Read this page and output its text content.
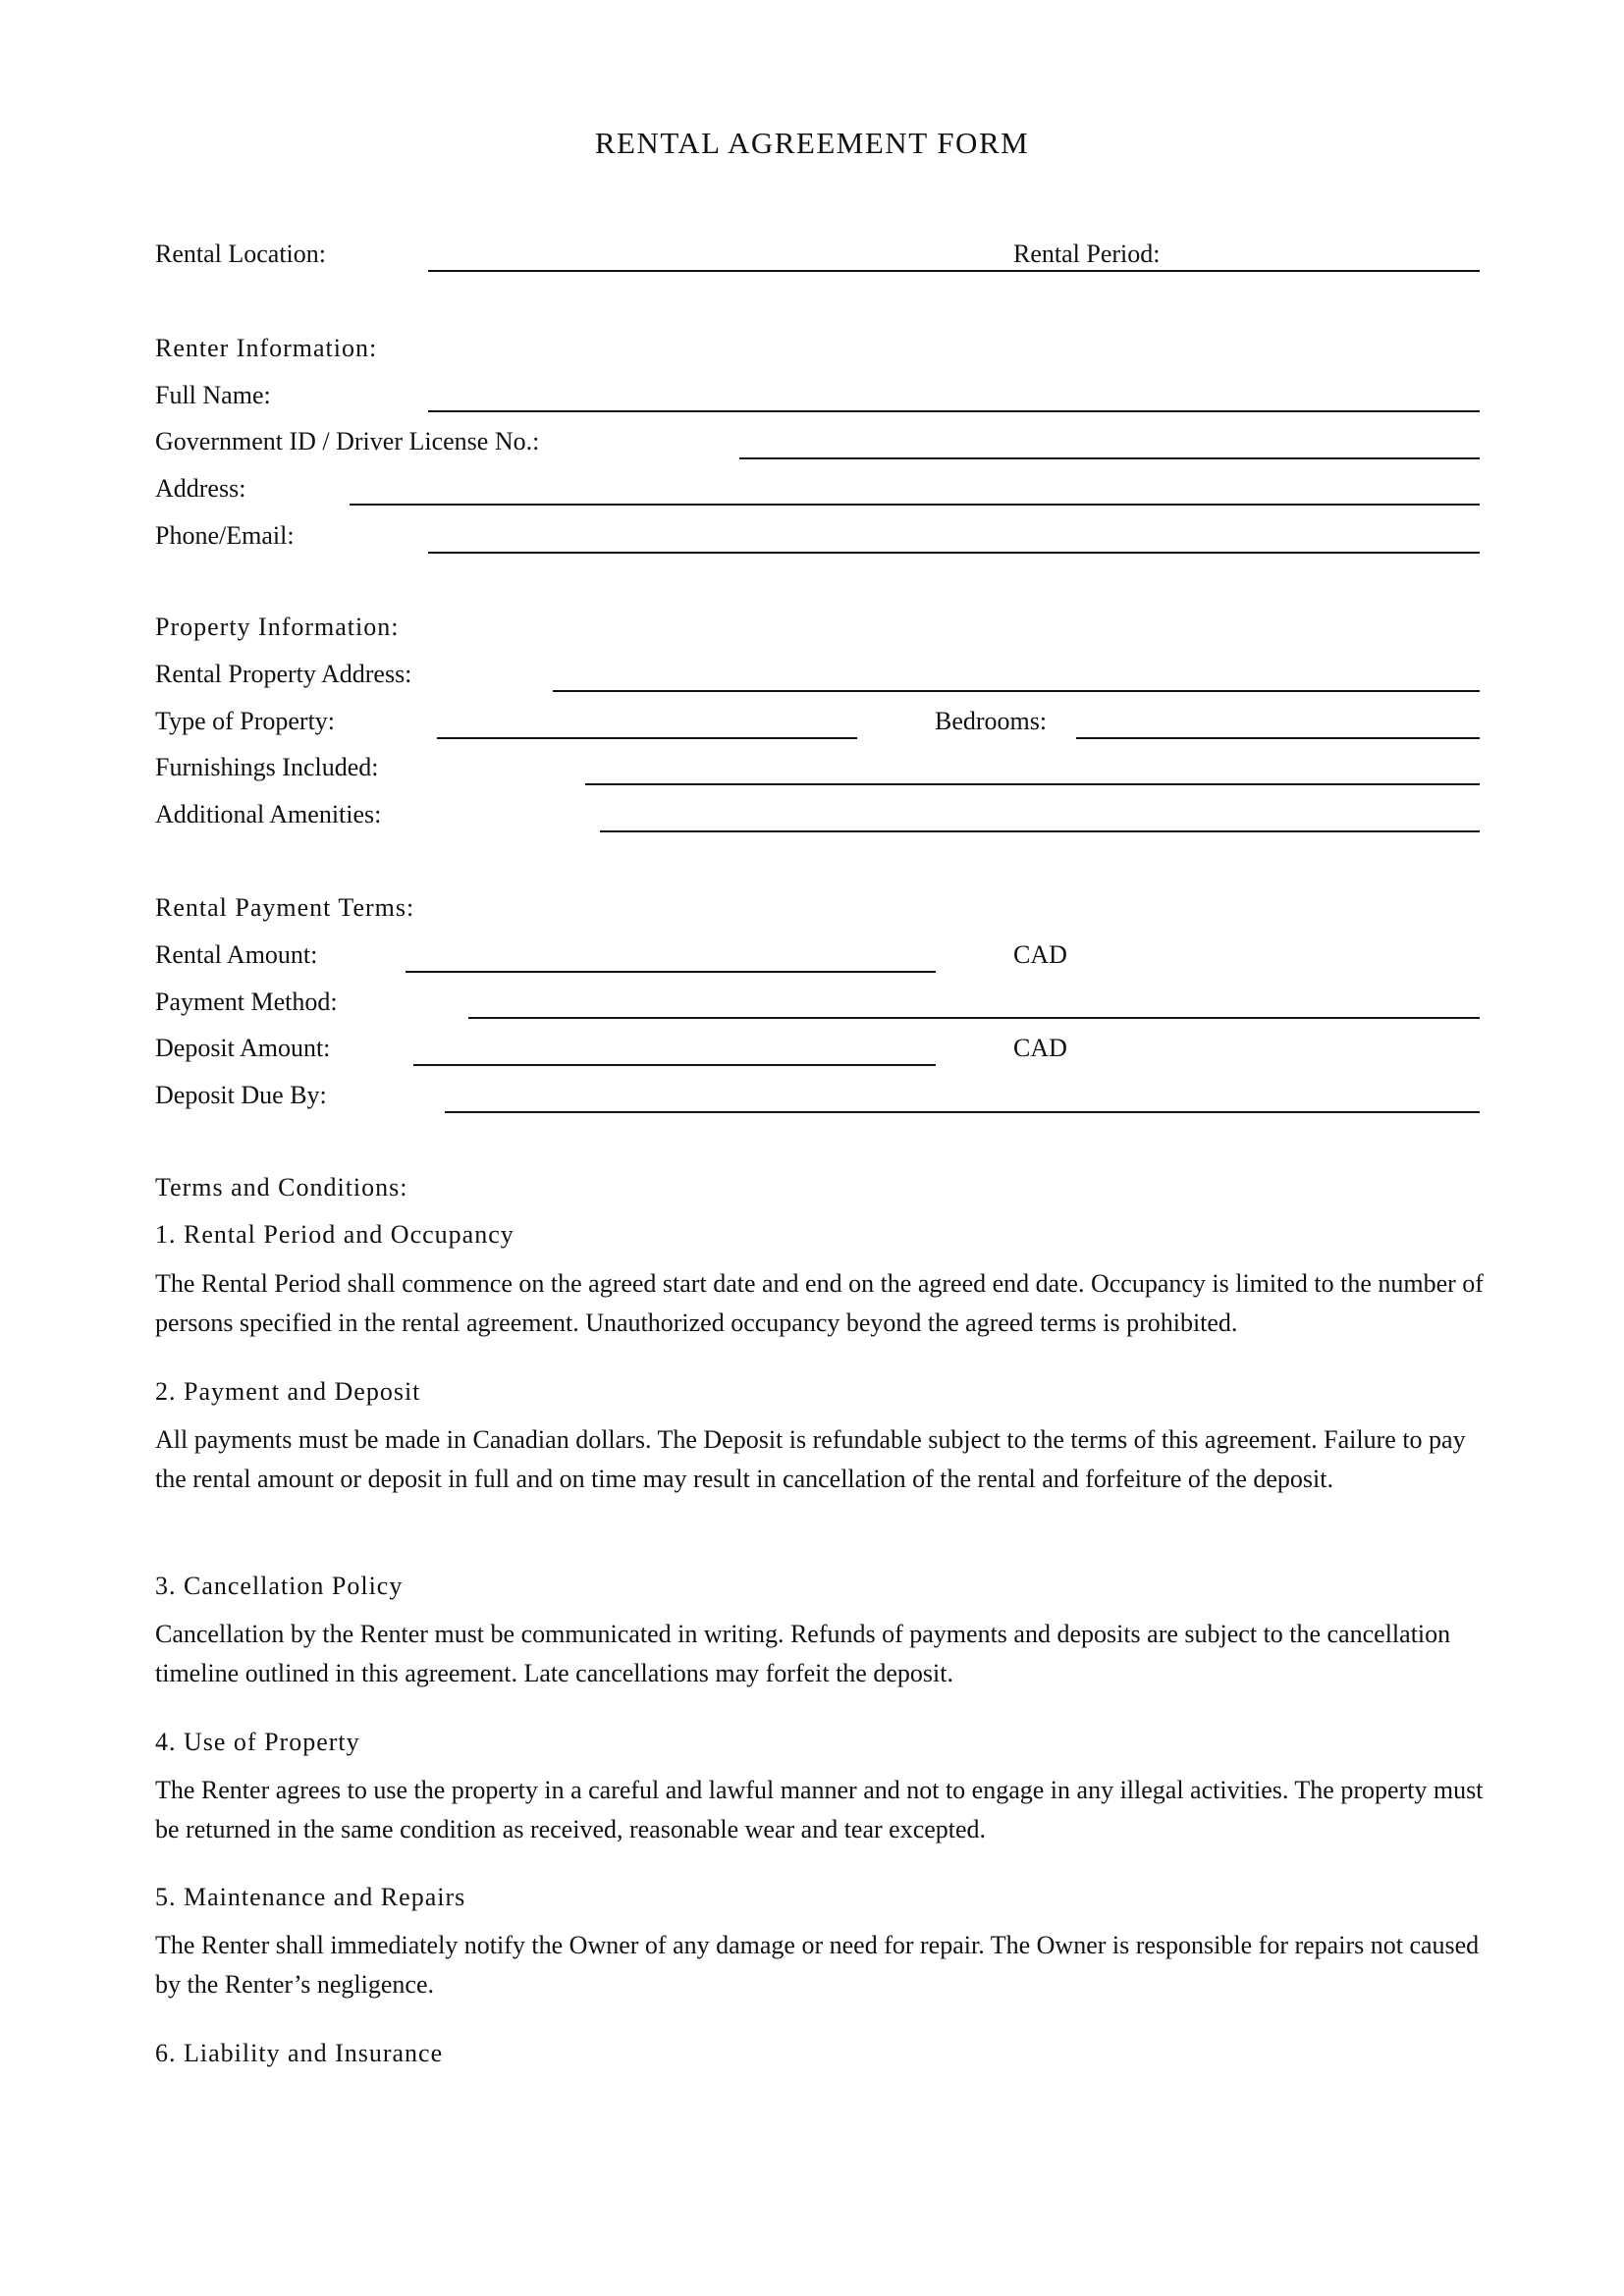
RENTAL AGREEMENT FORM
Rental Location:	Rental Period:
Renter Information:
Full Name:
Government ID / Driver License No.:
Address:
Phone/Email:
Property Information:
Rental Property Address:
Type of Property:	Bedrooms:
Furnishings Included:
Additional Amenities:
Rental Payment Terms:
Rental Amount:	CAD
Payment Method:
Deposit Amount:	CAD
Deposit Due By:
Terms and Conditions:
1. Rental Period and Occupancy
The Rental Period shall commence on the agreed start date and end on the agreed end date. Occupancy is limited to the number of persons specified in the rental agreement. Unauthorized occupancy beyond the agreed terms is prohibited.
2. Payment and Deposit
All payments must be made in Canadian dollars. The Deposit is refundable subject to the terms of this agreement. Failure to pay the rental amount or deposit in full and on time may result in cancellation of the rental and forfeiture of the deposit.
3. Cancellation Policy
Cancellation by the Renter must be communicated in writing. Refunds of payments and deposits are subject to the cancellation timeline outlined in this agreement. Late cancellations may forfeit the deposit.
4. Use of Property
The Renter agrees to use the property in a careful and lawful manner and not to engage in any illegal activities. The property must be returned in the same condition as received, reasonable wear and tear excepted.
5. Maintenance and Repairs
The Renter shall immediately notify the Owner of any damage or need for repair. The Owner is responsible for repairs not caused by the Renter’s negligence.
6. Liability and Insurance
